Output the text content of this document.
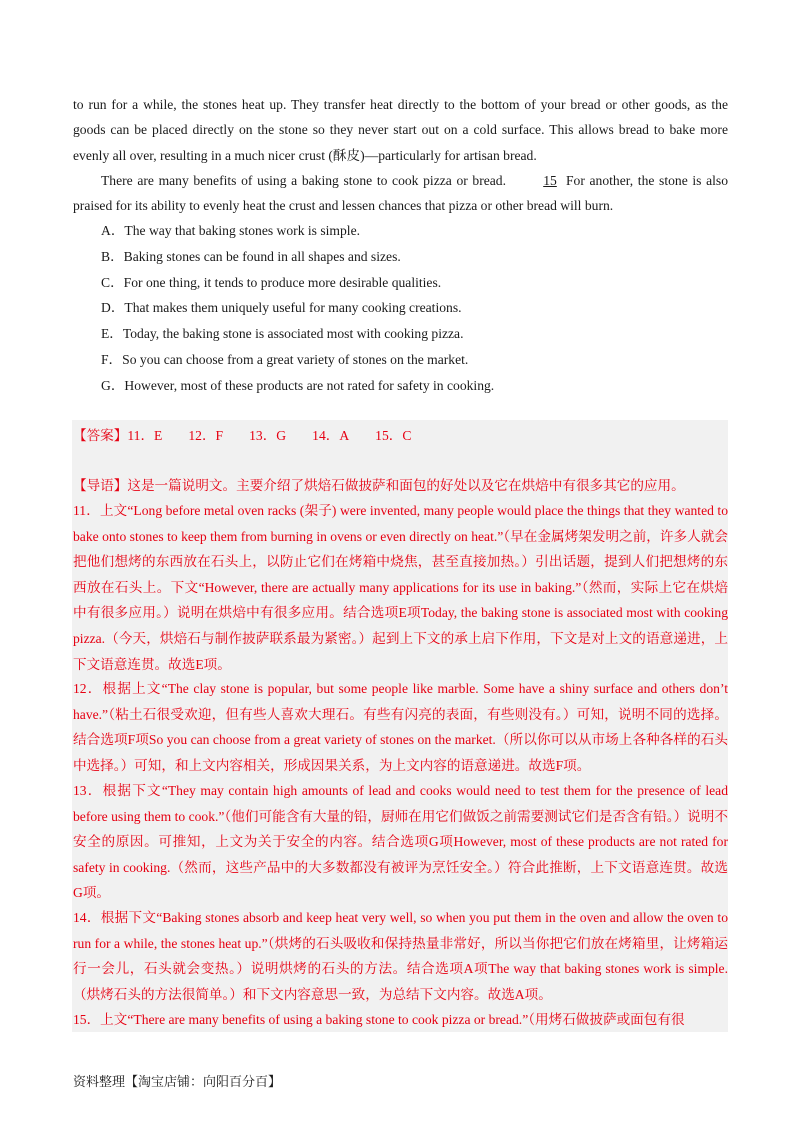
to run for a while, the stones heat up. They transfer heat directly to the bottom of your bread or other goods, as the goods can be placed directly on the stone so they never start out on a cold surface. This allows bread to bake more evenly all over, resulting in a much nicer crust (酥皮)—particularly for artisan bread.
There are many benefits of using a baking stone to cook pizza or bread.	15 For another, the stone is also praised for its ability to evenly heat the crust and lessen chances that pizza or other bread will burn.
A．The way that baking stones work is simple.
B．Baking stones can be found in all shapes and sizes.
C．For one thing, it tends to produce more desirable qualities.
D．That makes them uniquely useful for many cooking creations.
E．Today, the baking stone is associated most with cooking pizza.
F．So you can choose from a great variety of stones on the market.
G．However, most of these products are not rated for safety in cooking.
【答案】11．E 12．F 13．G 14．A 15．C
【导语】这是一篇说明文。主要介绍了烘焙石做披萨和面包的好处以及它在烘焙中有很多其它的应用。
11．上文“Long before metal oven racks (架子) were invented, many people would place the things that they wanted to bake onto stones to keep them from burning in ovens or even directly on heat.”（早在金属烤架发明之前，许多人就会把他们想烤的东西放在石头上，以防止它们在烤箱中烧焦，甚至直接加热。）引出话题，提到人们把想烤的东西放在石头上。下文“However, there are actually many applications for its use in baking.”（然而，实际上它在烘焙中有很多应用。）说明在烘焙中有很多应用。结合选项E项Today, the baking stone is associated most with cooking pizza.（今天，烘焙石与制作披萨联系最为紧密。）起到上下文的承上启下作用，下文是对上文的语意递进，上下文语意连贯。故选E项。
12．根据上文“The clay stone is popular, but some people like marble. Some have a shiny surface and others don’t have.”（粘土石很受欢迎，但有些人喜欢大理石。有些有闪亮的表面，有些则没有。）可知，说明不同的选择。结合选项F项So you can choose from a great variety of stones on the market.（所以你可以从市场上各种各样的石头中选择。）可知，和上文内容相关，形成因果关系，为上文内容的语意递进。故选F项。
13．根据下文“They may contain high amounts of lead and cooks would need to test them for the presence of lead before using them to cook.”（他们可能含有大量的铅，厨师在用它们做饭之前需要测试它们是否含有铅。）说明不安全的原因。可推知，上文为关于安全的内容。结合选项G项However, most of these products are not rated for safety in cooking.（然而，这些产品中的大多数都没有被评为烹饪安全。）符合此推断，上下文语意连贯。故选G项。
14．根据下文“Baking stones absorb and keep heat very well, so when you put them in the oven and allow the oven to run for a while, the stones heat up.”（烘烤的石头吸收和保持热量非常好，所以当你把它们放在烤箱里，让烤箱运行一会儿，石头就会变热。）说明烘烤的石头的方法。结合选项A项The way that baking stones work is simple.（烘烤石头的方法很简单。）和下文内容意思一致，为总结下文内容。故选A项。
15．上文“There are many benefits of using a baking stone to cook pizza or bread.”（用烤石做披萨或面包有很
资料整理【淘宝店铺：向阳百分百】
